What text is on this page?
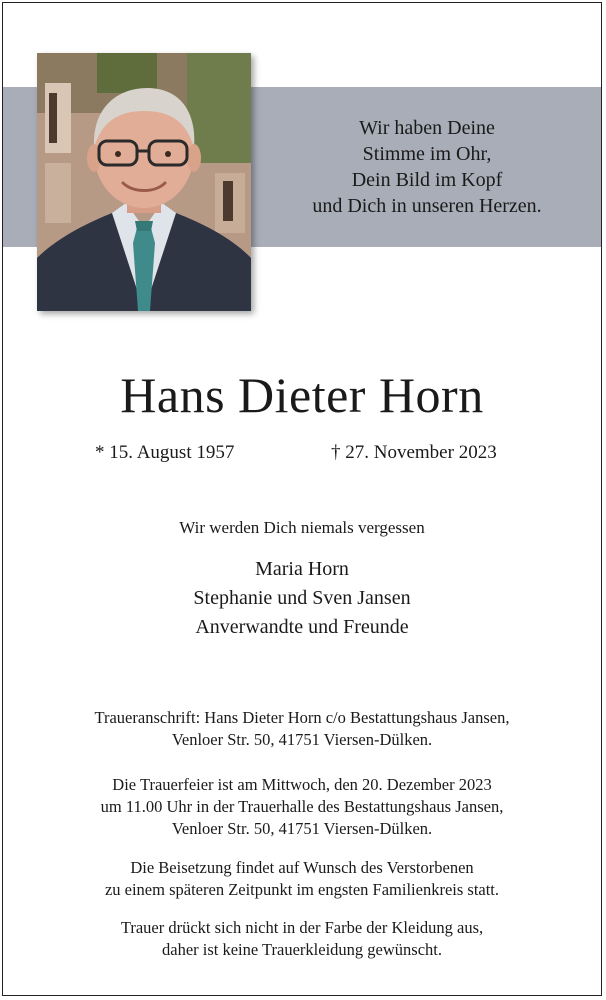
Wir haben Deine
Stimme im Ohr,
Dein Bild im Kopf
und Dich in unseren Herzen.
Hans Dieter Horn
* 15. August 1957	† 27. November 2023
Wir werden Dich niemals vergessen
Maria Horn
Stephanie und Sven Jansen
Anverwandte und Freunde
Traueranschrift: Hans Dieter Horn c/o Bestattungshaus Jansen,
Venloer Str. 50, 41751 Viersen-Dülken.
Die Trauerfeier ist am Mittwoch, den 20. Dezember 2023
um 11.00 Uhr in der Trauerhalle des Bestattungshaus Jansen,
Venloer Str. 50, 41751 Viersen-Dülken.
Die Beisetzung findet auf Wunsch des Verstorbenen
zu einem späteren Zeitpunkt im engsten Familienkreis statt.
Trauer drückt sich nicht in der Farbe der Kleidung aus,
daher ist keine Trauerkleidung gewünscht.
